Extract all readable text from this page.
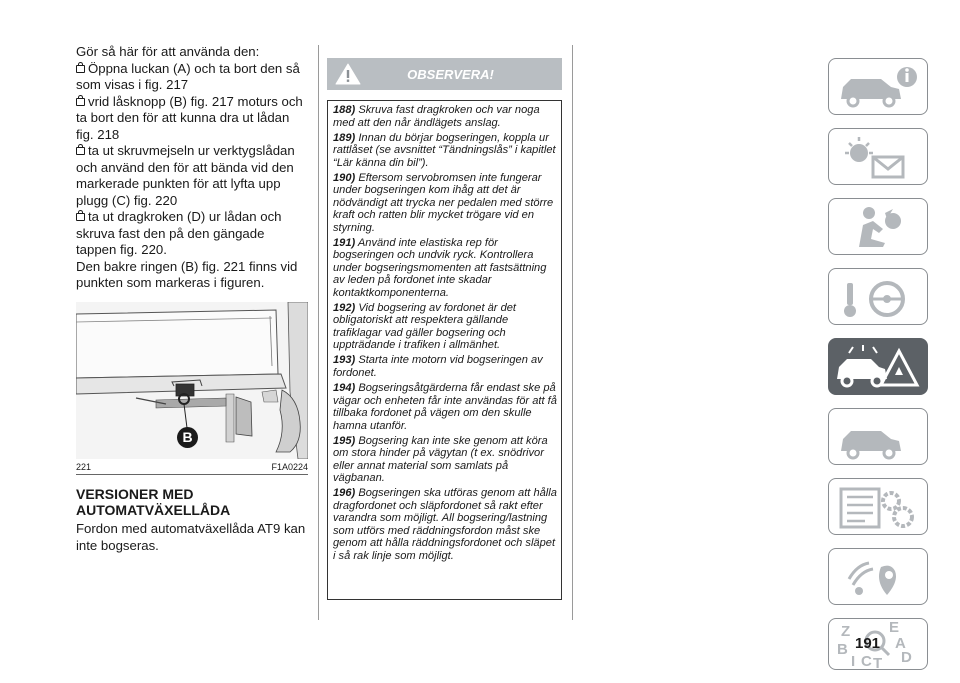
Gör så här för att använda den:

Öppna luckan (A) och ta bort den så som visas i fig. 217

vrid låsknopp (B) fig. 217 moturs och ta bort den för att kunna dra ut lådan fig. 218

ta ut skruvmejseln ur verktygslådan och använd den för att bända vid den markerade punkten för att lyfta upp plugg (C) fig. 220

ta ut dragkroken (D) ur lådan och skruva fast den på den gängade tappen fig. 220.

Den bakre ringen (B) fig. 221 finns vid punkten som markeras i figuren.

B
221	F1A0224
VERSIONER MED
AUTOMATVÄXELLÅDA

Fordon med automatväxellåda AT9 kan inte bogseras.

OBSERVERA!

188) Skruva fast dragkroken och var noga med att den når ändlägets anslag.

189) Innan du börjar bogseringen, koppla ur rattlåset (se avsnittet “Tändningslås” i kapitlet “Lär känna din bil”).

190) Eftersom servobromsen inte fungerar under bogseringen kom ihåg att det är nödvändigt att trycka ner pedalen med större kraft och ratten blir mycket trögare vid en styrning.

191) Använd inte elastiska rep för bogseringen och undvik ryck. Kontrollera under bogseringsmomenten att fastsättning av leden på fordonet inte skadar kontaktkomponenterna.

192) Vid bogsering av fordonet är det obligatoriskt att respektera gällande trafiklagar vad gäller bogsering och uppträdande i trafiken i allmänhet.

193) Starta inte motorn vid bogseringen av fordonet.

194) Bogseringsåtgärderna får endast ske på vägar och enheten får inte användas för att få tillbaka fordonet på vägen om den skulle hamna utanför.

195) Bogsering kan inte ske genom att köra om stora hinder på vägytan (t ex. snödrivor eller annat material som samlats på vägbanan.

196) Bogseringen ska utföras genom att hålla dragfordonet och släpfordonet så rakt efter varandra som möjligt. All bogsering/lastning som utförs med räddningsfordon måst ske genom att hålla räddningsfordonet och släpet i så rak linje som möjligt.

Z	E
A
B	D
I C T
191
